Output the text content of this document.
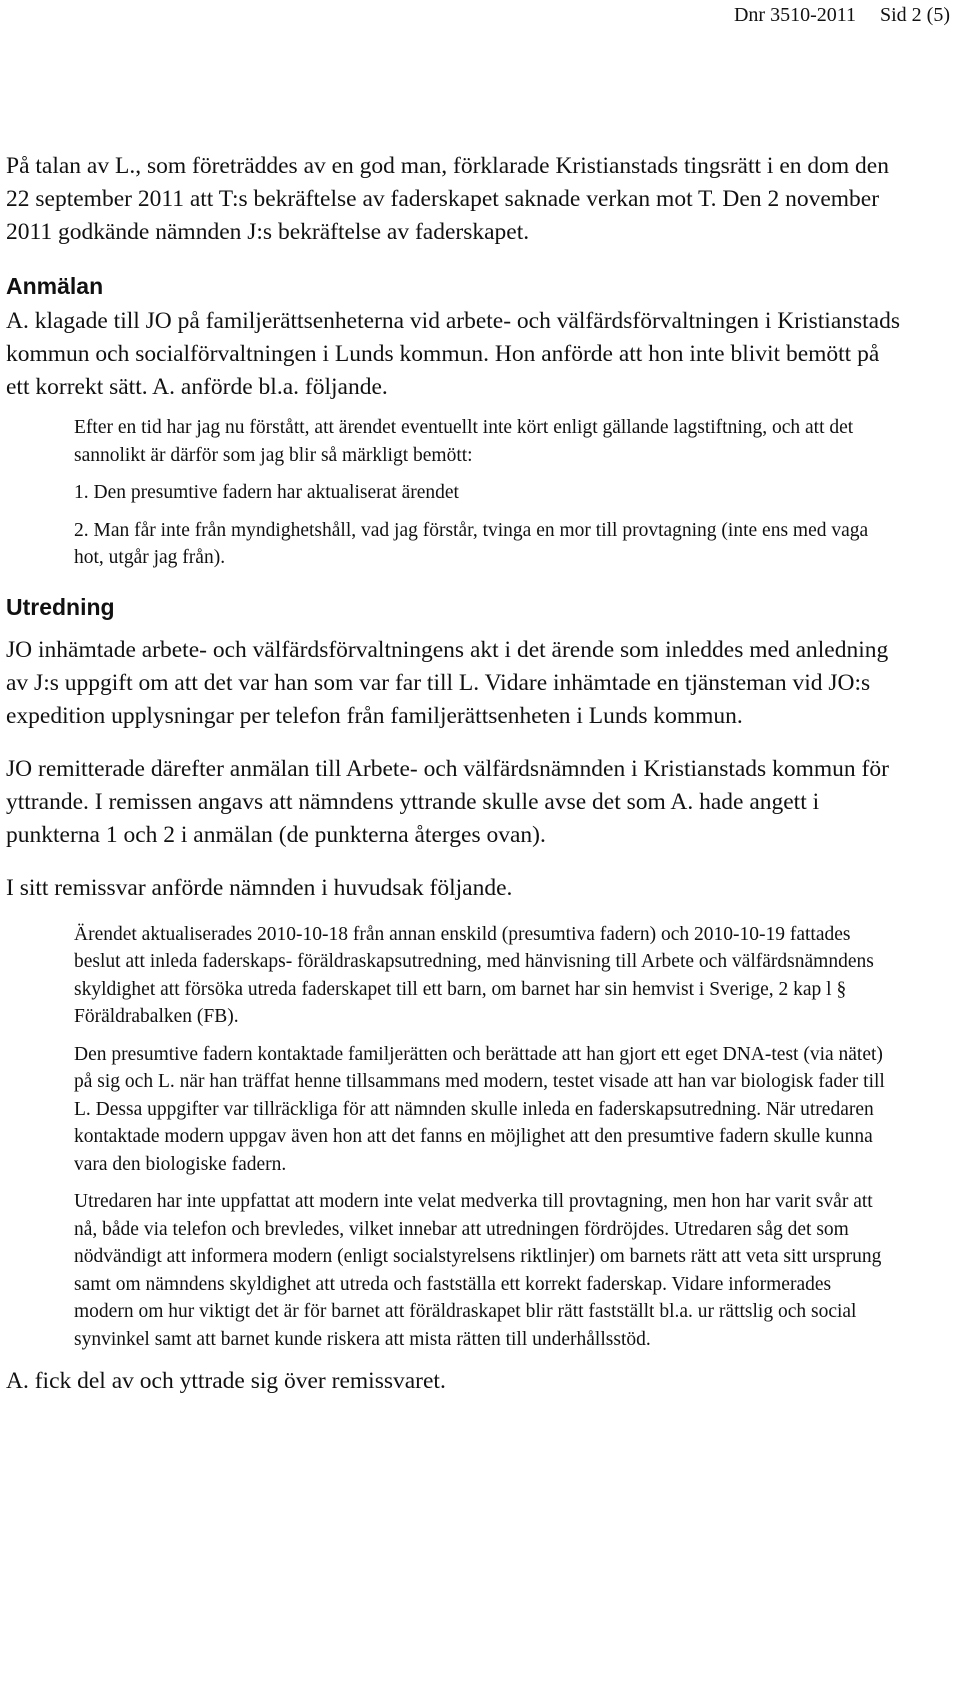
Dnr 3510-2011 Sid 2 (5)

På talan av L., som företräddes av en god man, förklarade Kristianstads tingsrätt i en dom den 22 september 2011 att T:s bekräftelse av faderskapet saknade verkan mot T. Den 2 november 2011 godkände nämnden J:s bekräftelse av faderskapet.

Anmälan

A. klagade till JO på familjerättsenheterna vid arbete- och välfärdsförvaltningen i Kristianstads kommun och socialförvaltningen i Lunds kommun. Hon anförde att hon inte blivit bemött på ett korrekt sätt. A. anförde bl.a. följande.

Efter en tid har jag nu förstått, att ärendet eventuellt inte kört enligt gällande lagstiftning, och att det sannolikt är därför som jag blir så märkligt bemött:

1. Den presumtive fadern har aktualiserat ärendet

2. Man får inte från myndighetshåll, vad jag förstår, tvinga en mor till provtagning (inte ens med vaga hot, utgår jag från).

Utredning

JO inhämtade arbete- och välfärdsförvaltningens akt i det ärende som inleddes med anledning av J:s uppgift om att det var han som var far till L. Vidare inhämtade en tjänsteman vid JO:s expedition upplysningar per telefon från familjerättsenheten i Lunds kommun.

JO remitterade därefter anmälan till Arbete- och välfärdsnämnden i Kristianstads kommun för yttrande. I remissen angavs att nämndens yttrande skulle avse det som A. hade angett i punkterna 1 och 2 i anmälan (de punkterna återges ovan).

I sitt remissvar anförde nämnden i huvudsak följande.

Ärendet aktualiserades 2010-10-18 från annan enskild (presumtiva fadern) och 2010-10-19 fattades beslut att inleda faderskaps- föräldraskapsutredning, med hänvisning till Arbete och välfärdsnämndens skyldighet att försöka utreda faderskapet till ett barn, om barnet har sin hemvist i Sverige, 2 kap l § Föräldrabalken (FB).

Den presumtive fadern kontaktade familjerätten och berättade att han gjort ett eget DNA-test (via nätet) på sig och L. när han träffat henne tillsammans med modern, testet visade att han var biologisk fader till L. Dessa uppgifter var tillräckliga för att nämnden skulle inleda en faderskapsutredning. När utredaren kontaktade modern uppgav även hon att det fanns en möjlighet att den presumtive fadern skulle kunna vara den biologiske fadern.

Utredaren har inte uppfattat att modern inte velat medverka till provtagning, men hon har varit svår att nå, både via telefon och brevledes, vilket innebar att utredningen fördröjdes. Utredaren såg det som nödvändigt att informera modern (enligt socialstyrelsens riktlinjer) om barnets rätt att veta sitt ursprung samt om nämndens skyldighet att utreda och fastställa ett korrekt faderskap. Vidare informerades modern om hur viktigt det är för barnet att föräldraskapet blir rätt fastställt bl.a. ur rättslig och social synvinkel samt att barnet kunde riskera att mista rätten till underhållsstöd.

A. fick del av och yttrade sig över remissvaret.
